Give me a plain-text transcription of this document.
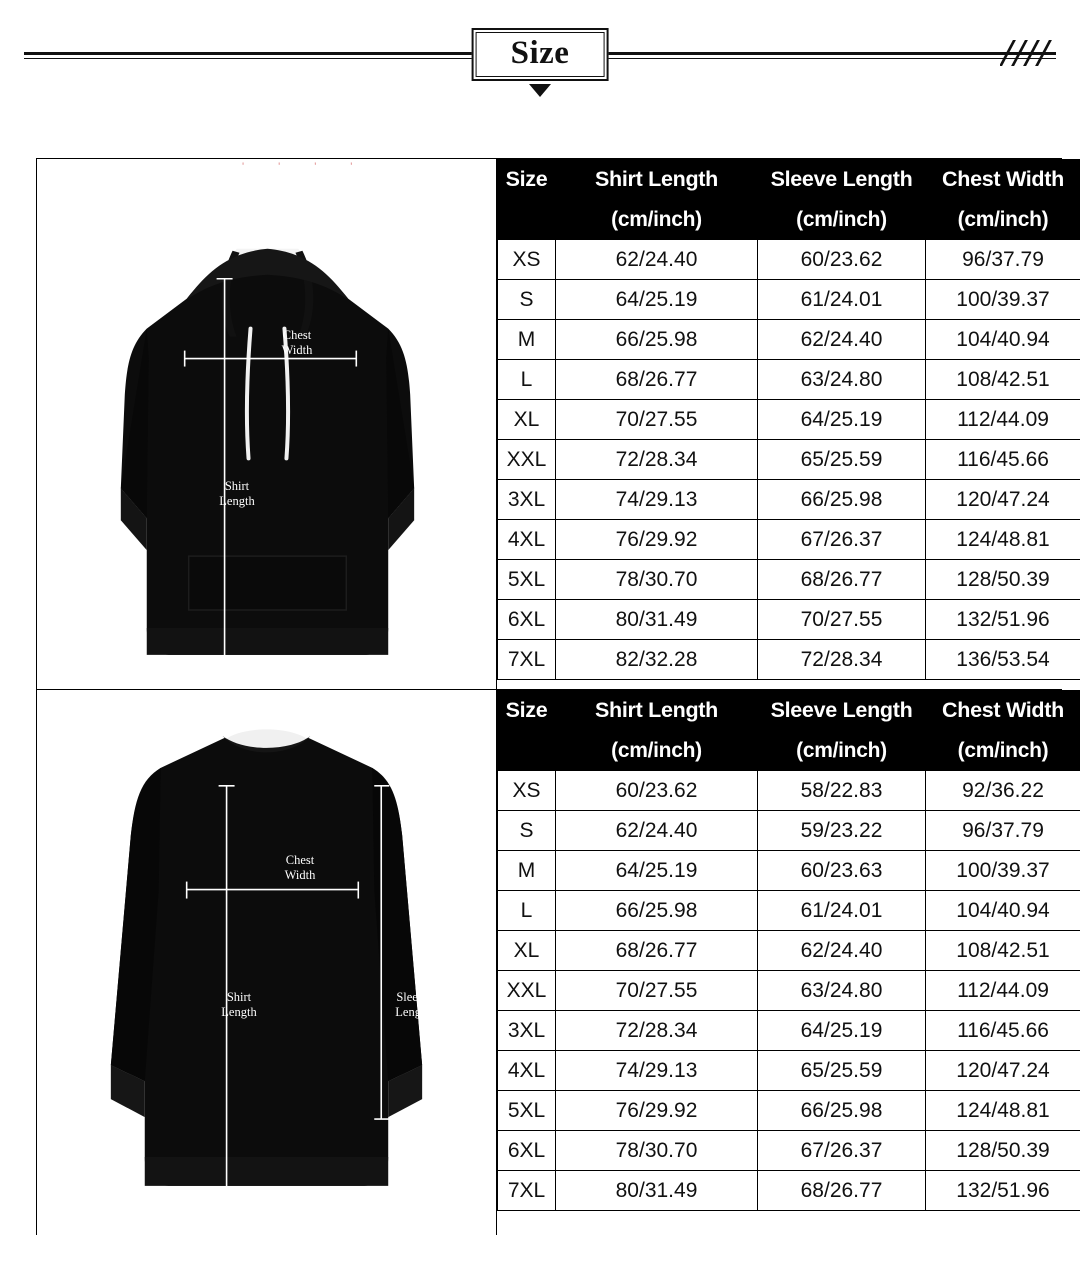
Size
''''
Chest
Width
Shirt
Length
Size	Shirt Length	Sleeve Length	Chest Width
	(cm/inch)	(cm/inch)	(cm/inch)
XS	62/24.40	60/23.62	96/37.79
S	64/25.19	61/24.01	100/39.37
M	66/25.98	62/24.40	104/40.94
L	68/26.77	63/24.80	108/42.51
XL	70/27.55	64/25.19	112/44.09
XXL	72/28.34	65/25.59	116/45.66
3XL	74/29.13	66/25.98	120/47.24
4XL	76/29.92	67/26.37	124/48.81
5XL	78/30.70	68/26.77	128/50.39
6XL	80/31.49	70/27.55	132/51.96
7XL	82/32.28	72/28.34	136/53.54
Chest
Width
Shirt
Length
Sleeve
Length
Size	Shirt Length	Sleeve Length	Chest Width
	(cm/inch)	(cm/inch)	(cm/inch)
XS	60/23.62	58/22.83	92/36.22
S	62/24.40	59/23.22	96/37.79
M	64/25.19	60/23.63	100/39.37
L	66/25.98	61/24.01	104/40.94
XL	68/26.77	62/24.40	108/42.51
XXL	70/27.55	63/24.80	112/44.09
3XL	72/28.34	64/25.19	116/45.66
4XL	74/29.13	65/25.59	120/47.24
5XL	76/29.92	66/25.98	124/48.81
6XL	78/30.70	67/26.37	128/50.39
7XL	80/31.49	68/26.77	132/51.96
